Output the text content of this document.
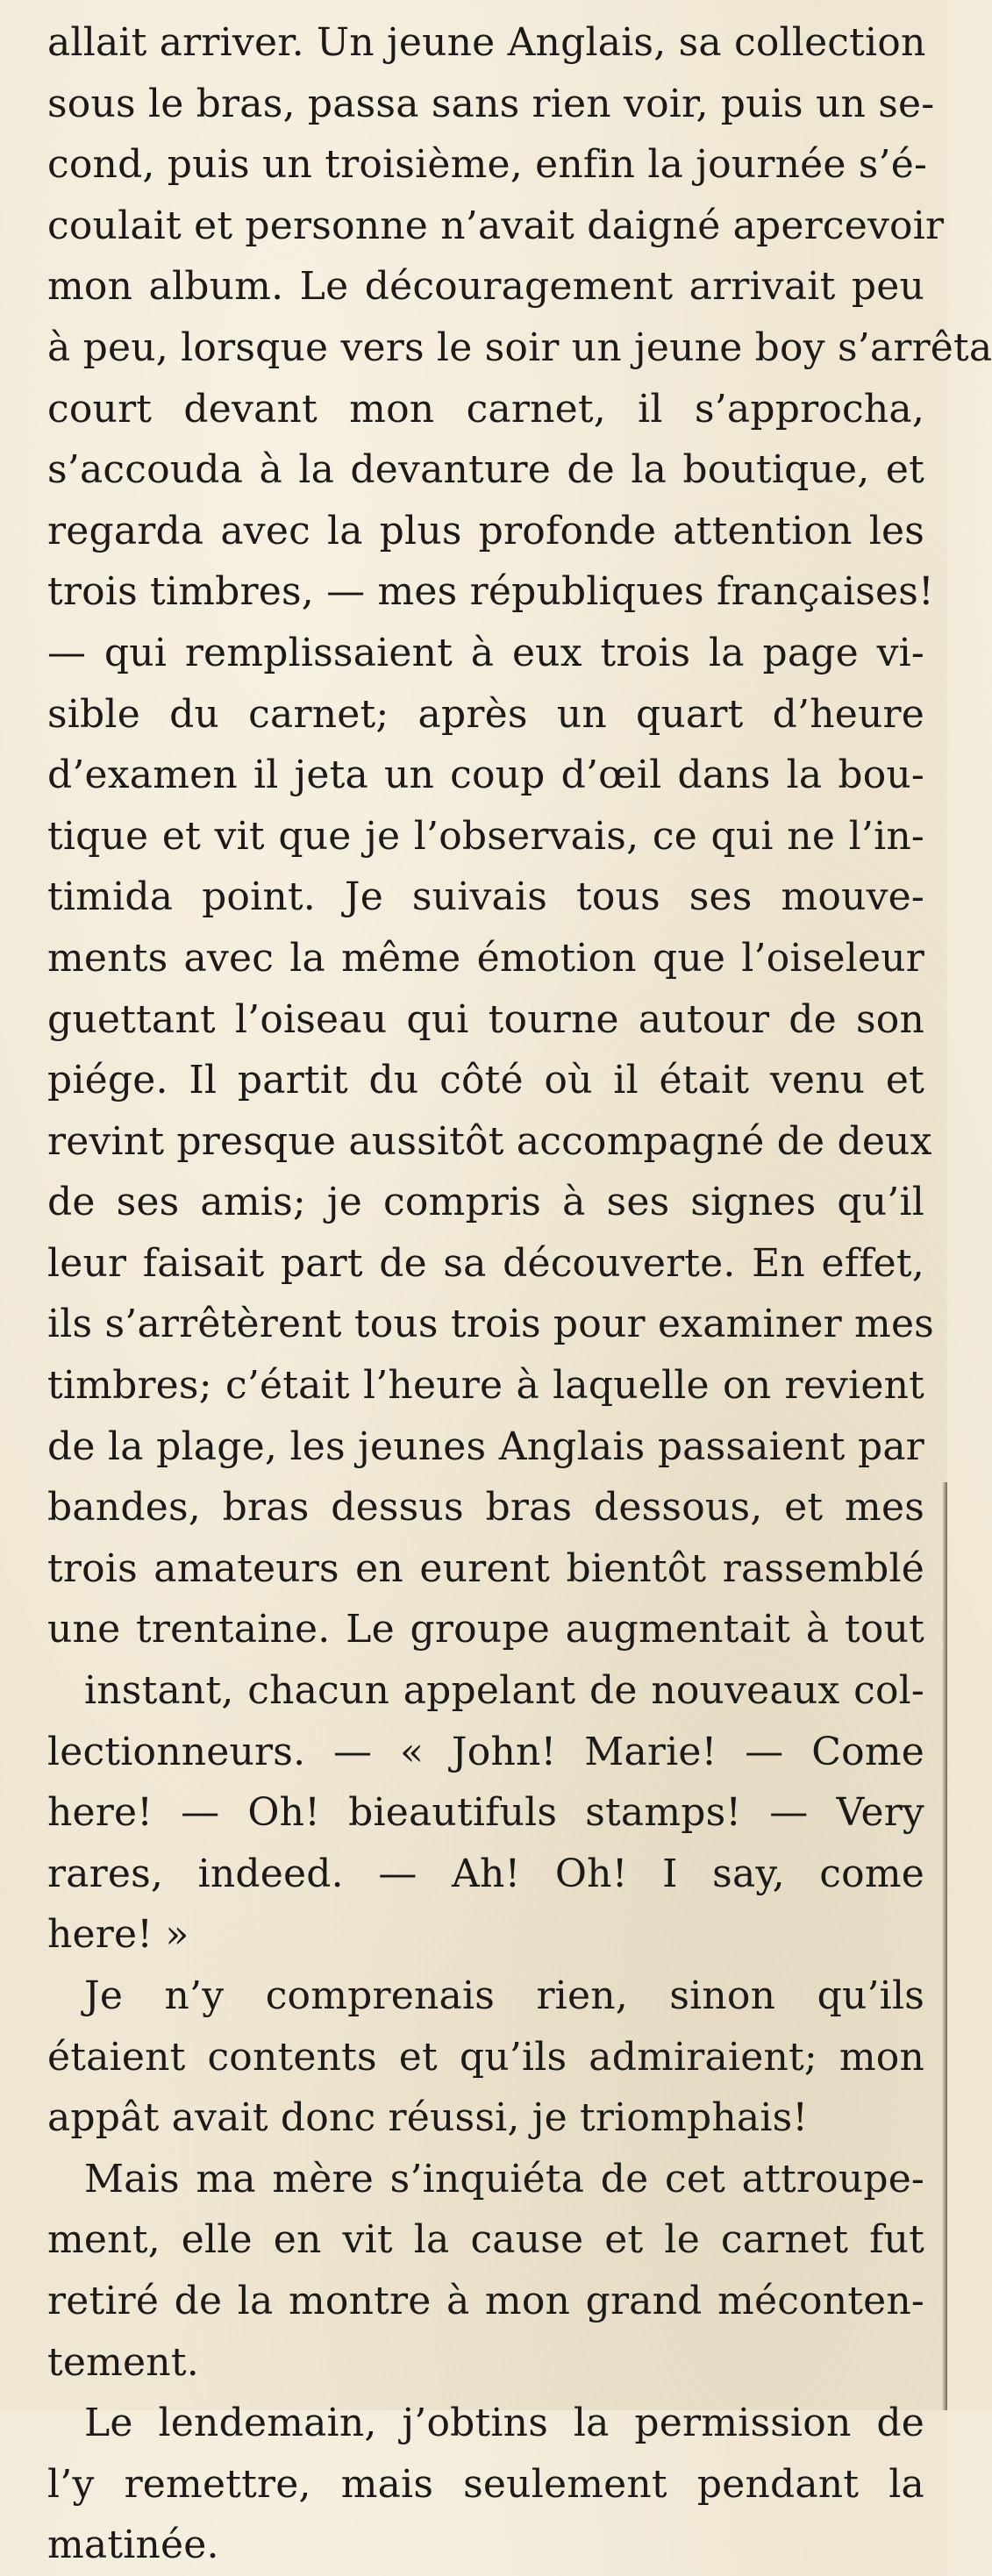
allait arriver. Un jeune Anglais, sa collection
sous le bras, passa sans rien voir, puis un se-
cond, puis un troisième, enfin la journée s’é-
coulait et personne n’avait daigné apercevoir
mon album. Le découragement arrivait peu
à peu, lorsque vers le soir un jeune boy s’arrêta
court devant mon carnet, il s’approcha,
s’accouda à la devanture de la boutique, et
regarda avec la plus profonde attention les
trois timbres, — mes républiques françaises!
— qui remplissaient à eux trois la page vi-
sible du carnet; après un quart d’heure
d’examen il jeta un coup d’œil dans la bou-
tique et vit que je l’observais, ce qui ne l’in-
timida point. Je suivais tous ses mouve-
ments avec la même émotion que l’oiseleur
guettant l’oiseau qui tourne autour de son
piége. Il partit du côté où il était venu et
revint presque aussitôt accompagné de deux
de ses amis; je compris à ses signes qu’il
leur faisait part de sa découverte. En effet,
ils s’arrêtèrent tous trois pour examiner mes
timbres; c’était l’heure à laquelle on revient
de la plage, les jeunes Anglais passaient par
bandes, bras dessus bras dessous, et mes
trois amateurs en eurent bientôt rassemblé
une trentaine. Le groupe augmentait à tout
instant, chacun appelant de nouveaux col-
lectionneurs. — « John! Marie! — Come
here! — Oh! bieautifuls stamps! — Very
rares, indeed. — Ah! Oh! I say, come
here! »
Je n’y comprenais rien, sinon qu’ils
étaient contents et qu’ils admiraient; mon
appât avait donc réussi, je triomphais!
Mais ma mère s’inquiéta de cet attroupe-
ment, elle en vit la cause et le carnet fut
retiré de la montre à mon grand méconten-
tement.
Le lendemain, j’obtins la permission de
l’y remettre, mais seulement pendant la
matinée.
